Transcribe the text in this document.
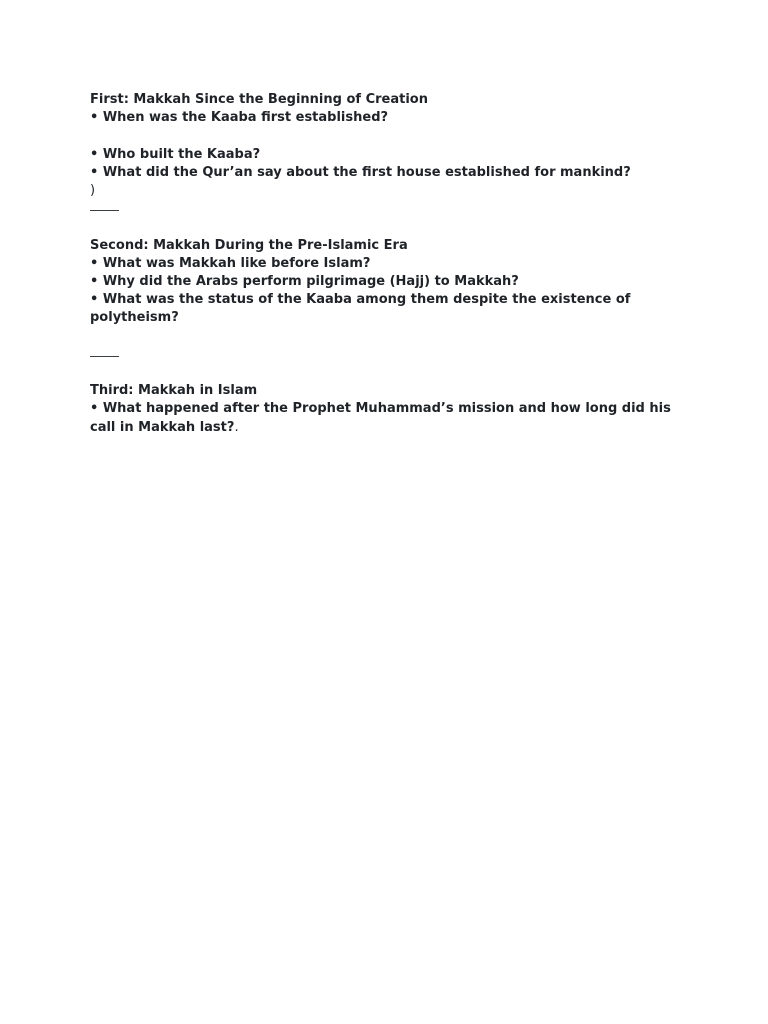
First: Makkah Since the Beginning of Creation

• When was the Kaaba first established?

• Who built the Kaaba?

• What did the Qur’an say about the first house established for mankind?

)

Second: Makkah During the Pre-Islamic Era

• What was Makkah like before Islam?

• Why did the Arabs perform pilgrimage (Hajj) to Makkah?

• What was the status of the Kaaba among them despite the existence of polytheism?

Third: Makkah in Islam

• What happened after the Prophet Muhammad’s mission and how long did his call in Makkah last?.
